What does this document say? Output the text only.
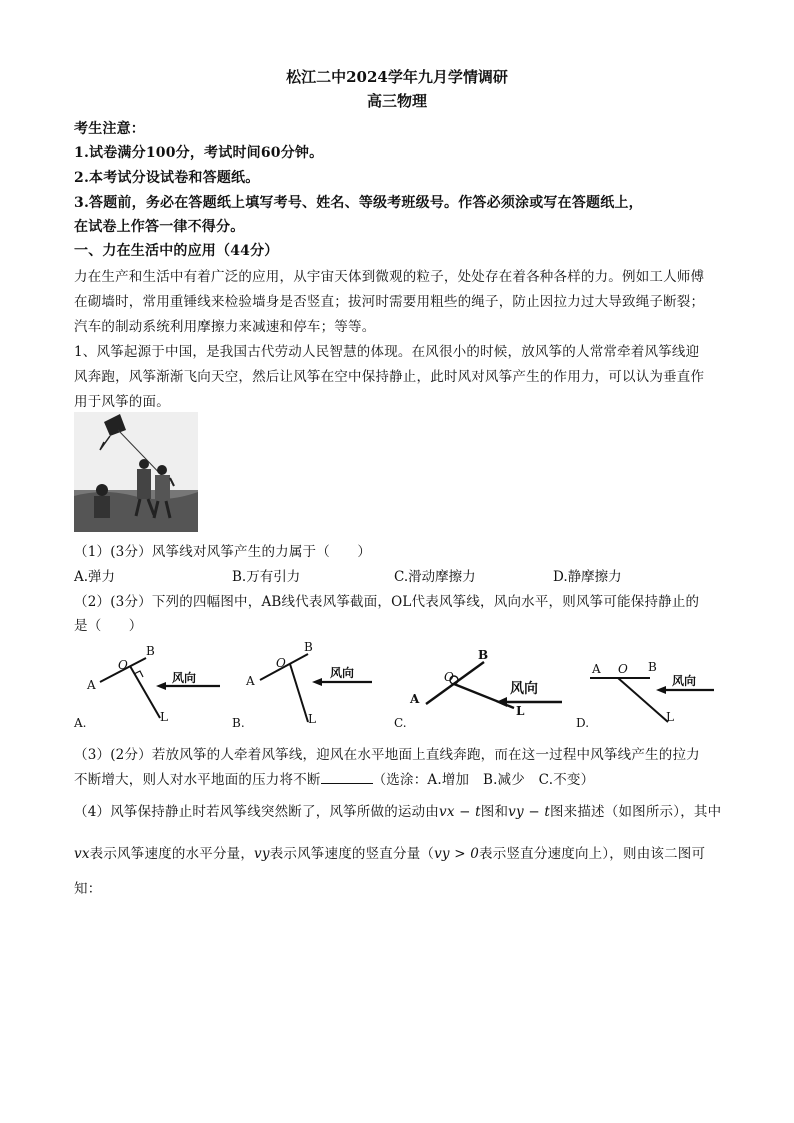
松江二中2024学年九月学情调研
高三物理
考生注意：
1.试卷满分100分，考试时间60分钟。
2.本考试分设试卷和答题纸。
3.答题前，务必在答题纸上填写考号、姓名、等级考班级号。作答必须涂或写在答题纸上，
在试卷上作答一律不得分。
一、力在生活中的应用（44分）
力在生产和生活中有着广泛的应用，从宇宙天体到微观的粒子，处处存在着各种各样的力。例如工人师傅
在砌墙时，常用重锤线来检验墙身是否竖直；拔河时需要用粗些的绳子，防止因拉力过大导致绳子断裂；
汽车的制动系统利用摩擦力来减速和停车；等等。
1、风筝起源于中国，是我国古代劳动人民智慧的体现。在风很小的时候，放风筝的人常常牵着风筝线迎
风奔跑，风筝渐渐飞向天空，然后让风筝在空中保持静止，此时风对风筝产生的作用力，可以认为垂直作
用于风筝的面。
（1）(3分）风筝线对风筝产生的力属于（　　）
A.弹力	B.万有引力	C.滑动摩擦力	D.静摩擦力
（2）(3分）下列的四幅图中，AB线代表风筝截面，OL代表风筝线，风向水平，则风筝可能保持静止的
是（　　）
A
B
O
L
风向
A.
A
B
O
L
风向
B.
A
B
O
L
风向
C.
A	B
O
L
风向
D.
（3）(2分）若放风筝的人牵着风筝线，迎风在水平地面上直线奔跑，而在这一过程中风筝线产生的拉力
不断增大，则人对水平地面的压力将不断	（选涂：A.增加　B.减少　C.不变）
（4）风筝保持静止时若风筝线突然断了，风筝所做的运动由vx − t图和vy − t图来描述（如图所示），其中
vx表示风筝速度的水平分量，vy表示风筝速度的竖直分量（vy > 0表示竖直分速度向上），则由该二图可
知：
